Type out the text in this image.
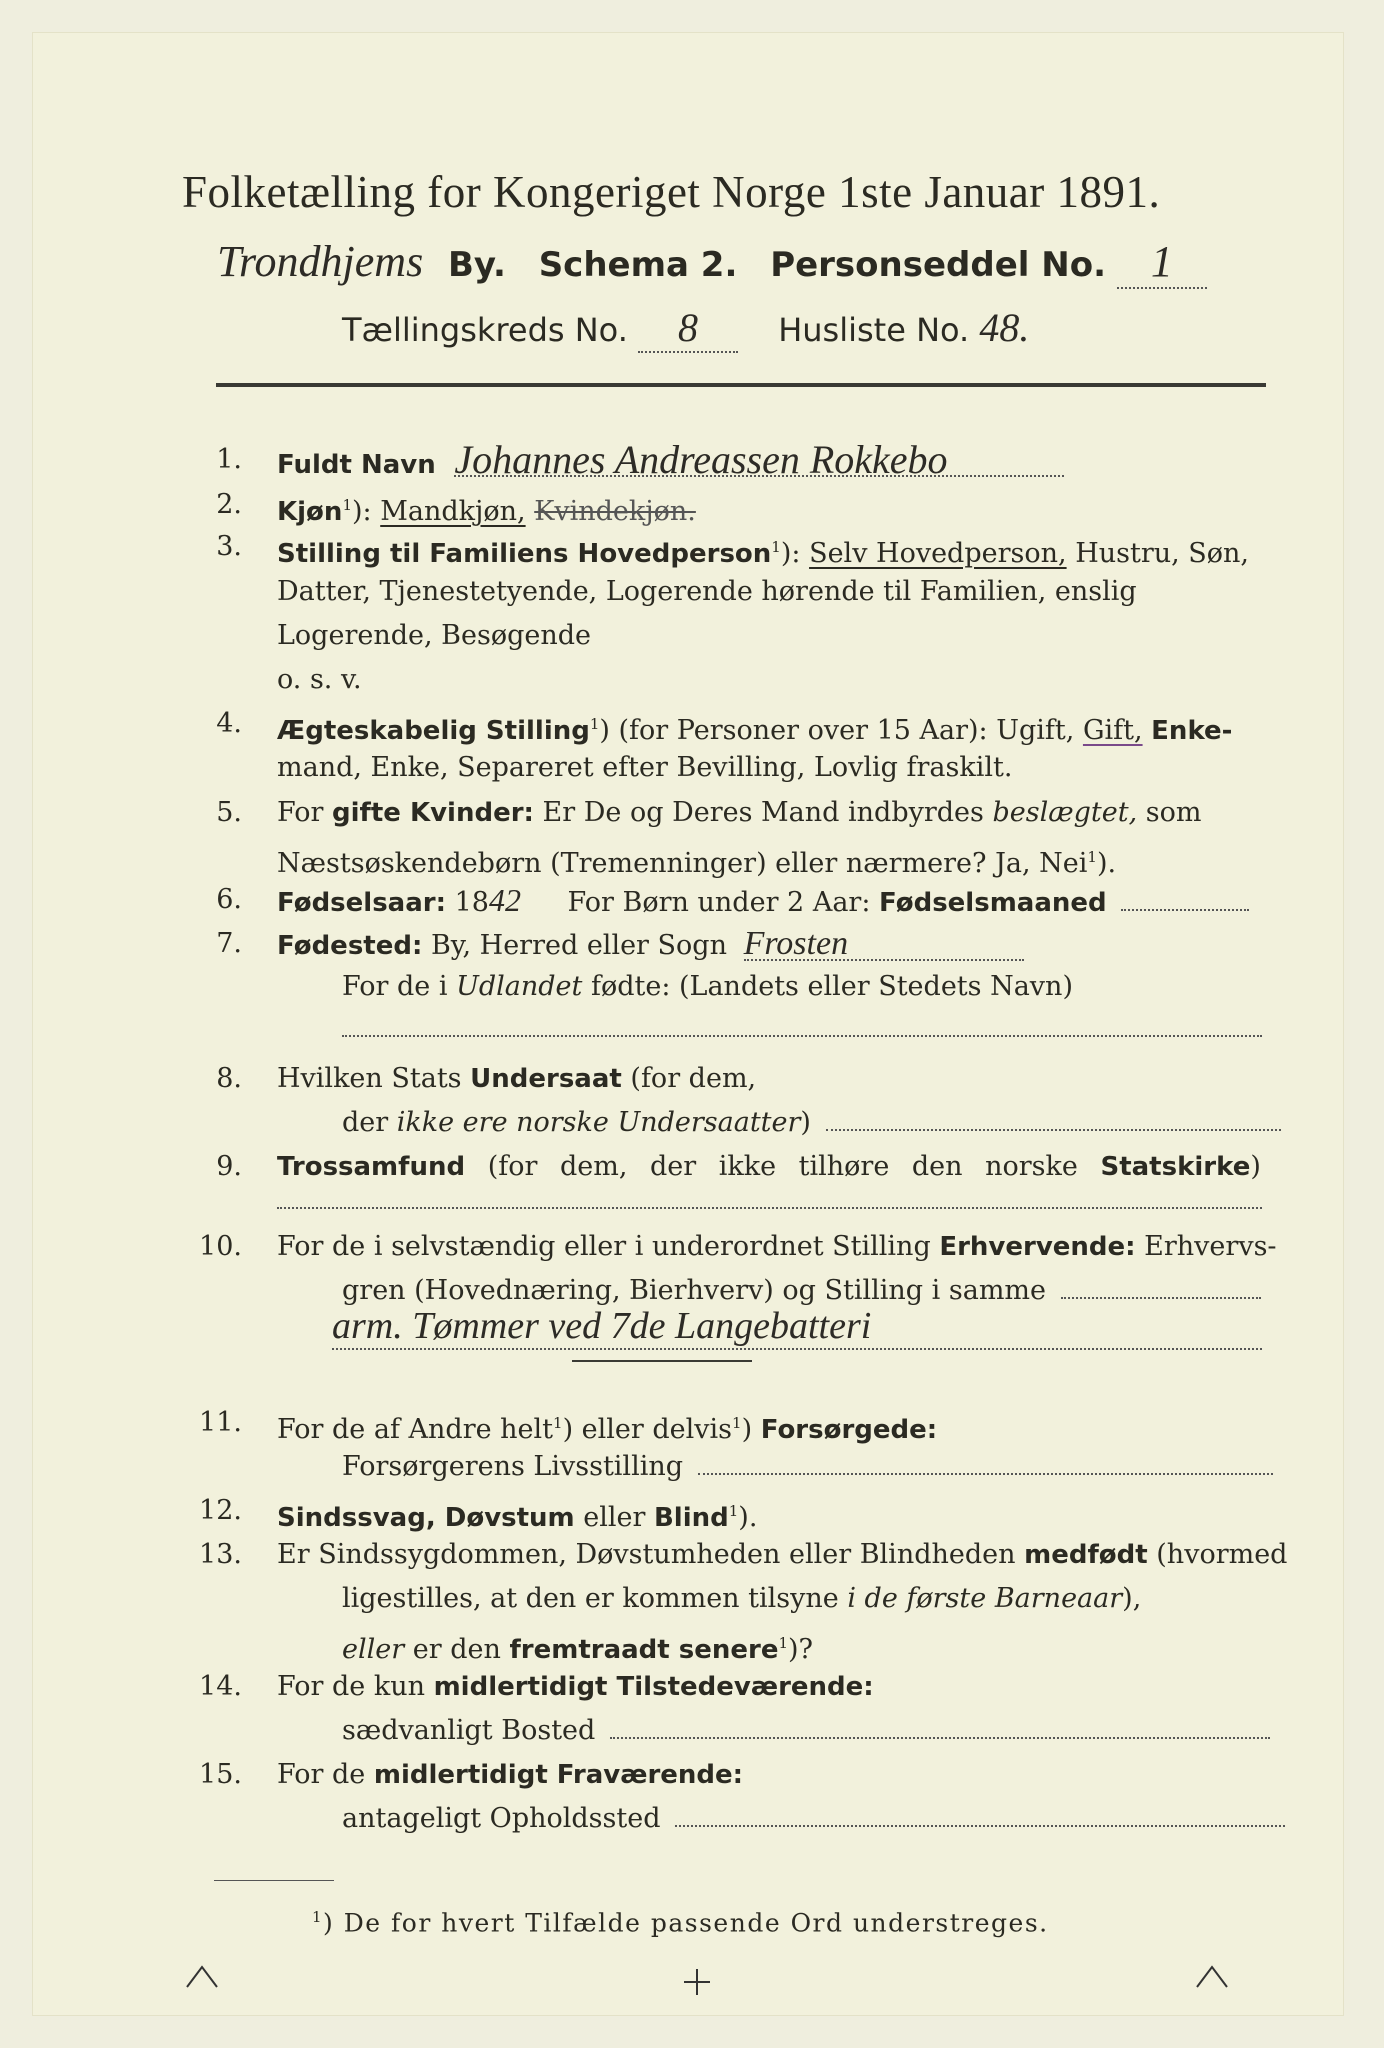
Folketælling for Kongeriget Norge 1ste Januar 1891.
Trondhjems By. Schema 2. Personseddel No. 1
Tællingskreds No. 8	Husliste No. 48.
1. Fuldt Navn Johannes Andreassen Rokkebo
2. Kjøn$^1$): Mandkjøn, Kvindekjøn.
3. Stilling til Familiens Hovedperson$^1$): Selv Hovedperson, Hustru, Søn,
Datter, Tjenestetyende, Logerende hørende til Familien, enslig
Logerende, Besøgende
o. s. v.
4. Ægteskabelig Stilling$^1$) (for Personer over 15 Aar): Ugift, Gift, Enke-
mand, Enke, Separeret efter Bevilling, Lovlig fraskilt.
5. For gifte Kvinder: Er De og Deres Mand indbyrdes beslægtet, som
Næstsøskendebørn (Tremenninger) eller nærmere? Ja, Nei$^1$).
6. Fødselsaar: 1842 For Børn under 2 Aar: Fødselsmaaned
7. Fødested: By, Herred eller Sogn Frosten
For de i Udlandet fødte: (Landets eller Stedets Navn)
8. Hvilken Stats Undersaat (for dem,
der ikke ere norske Undersaatter)
9. Trossamfund (for dem, der ikke tilhøre den norske Statskirke)
10. For de i selvstændig eller i underordnet Stilling Erhvervende: Erhvervs-
gren (Hovednæring, Bierhverv) og Stilling i samme
arm. Tømmer ved 7de Langebatteri
11. For de af Andre helt$^1$) eller delvis$^1$) Forsørgede:
Forsørgerens Livsstilling
12. Sindssvag, Døvstum eller Blind$^1$).
13. Er Sindssygdommen, Døvstumheden eller Blindheden medfødt (hvormed
ligestilles, at den er kommen tilsyne i de første Barneaar),
eller er den fremtraadt senere$^1$)?
14. For de kun midlertidigt Tilstedeværende:
sædvanligt Bosted
15. For de midlertidigt Fraværende:
antageligt Opholdssted
$^1$) De for hvert Tilfælde passende Ord understreges.
